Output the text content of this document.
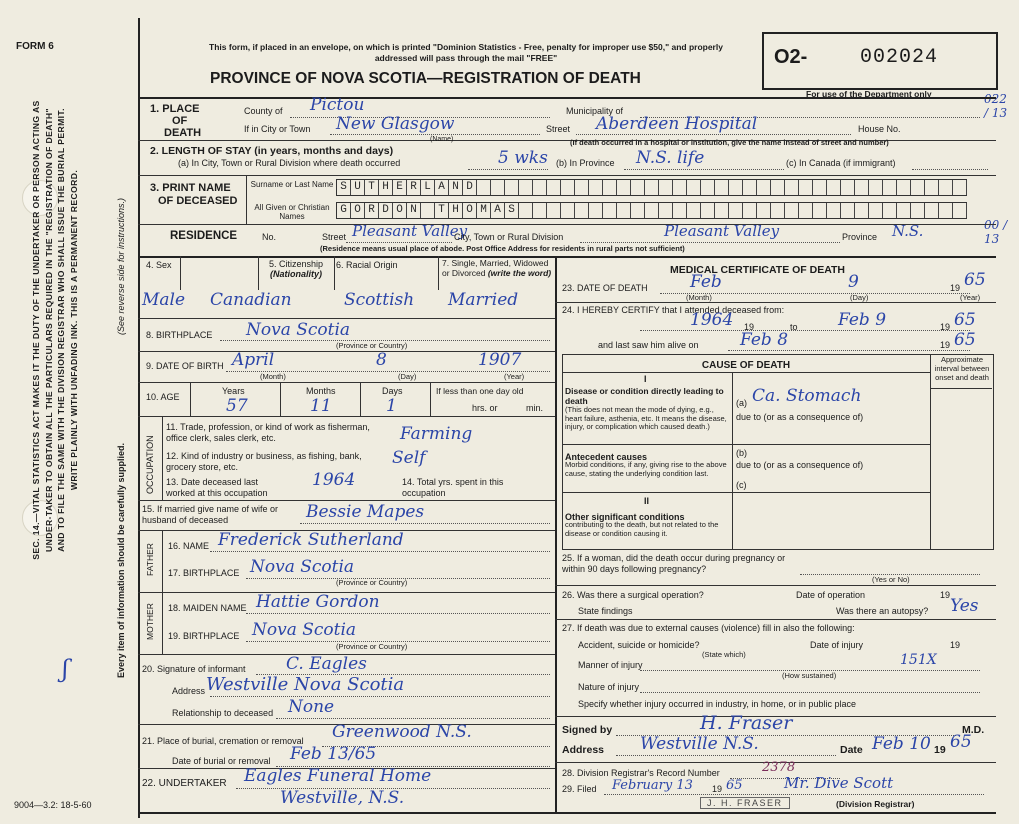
FORM 6	This form, if placed in an envelope, on which is printed "Dominion Statistics - Free, penalty for improper use $50," and properly addressed will pass through the mail "FREE"
PROVINCE OF NOVA SCOTIA—REGISTRATION OF DEATH
O2-	002024
For use of the Department only	022 / 13
00 / 13
SEC. 14.—VITAL STATISTICS ACT MAKES IT THE DUTY OF THE UNDERTAKER OR PERSON ACTING AS UNDER-TAKER TO OBTAIN ALL THE PARTICULARS REQUIRED IN THE "REGISTRATION OF DEATH" AND TO FILE THE SAME WITH THE DIVISION REGISTRAR WHO SHALL ISSUE THE BURIAL PERMIT. WRITE PLAINLY WITH UNFADING INK. THIS IS A PERMANENT RECORD.	(See reverse side for instructions.)
Every item of information should be carefully supplied.
ʃ
1. PLACE
OF
DEATH
County of Pictou	Municipality of
If in City or Town New Glasgow
(Name)
Street Aberdeen Hospital	House No.
(If death occurred in a hospital or institution, give the name instead of street and number)
2. LENGTH OF STAY (in years, months and days)
(a) In City, Town or Rural Division where death occurred	5 wks (b) In Province N.S. life	(c) In Canada (if immigrant)
3. PRINT NAME
OF DECEASED
Surname or Last Name
All Given or Christian Names
S U T H E R L A N D
G O R D O N	T H O M A S
RESIDENCE	No.	Street Pleasant Valley
City, Town or Rural Division	Pleasant Valley	Province N.S.
(Residence means usual place of abode. Post Office Address for residents in rural parts not sufficient)
4. Sex	5. Citizenship
(Nationality)
6. Racial Origin	7. Single, Married, Widowed or Divorced (write the word)
Male Canadian	Scottish Married
8. BIRTHPLACE Nova Scotia
(Province or Country)
9. DATE OF BIRTH April	8	1907
(Month)	(Day)	(Year)
10. AGE
Years	Months	Days	If less than one day old
57	11	1	hrs. or	min.
OCCUPATION
11. Trade, profession, or kind of work as fisherman, office clerk, sales clerk, etc.	Farming
12. Kind of industry or business, as fishing, bank, grocery store, etc.	Self
13. Date deceased last worked at this occupation
1964	14. Total yrs. spent in this occupation
15. If married give name of wife or husband of deceased	Bessie Mapes
FATHER 16. NAME Frederick Sutherland
17. BIRTHPLACE Nova Scotia
(Province or Country)
MOTHER 18. MAIDEN NAME Hattie Gordon
19. BIRTHPLACE Nova Scotia
(Province or Country)
20. Signature of informant C. Eagles
Address Westville Nova Scotia
Relationship to deceased None
21. Place of burial, cremation or removal Greenwood N.S.
Date of burial or removal Feb 13/65
22. UNDERTAKER Eagles Funeral Home
Westville, N.S.
MEDICAL CERTIFICATE OF DEATH
23. DATE OF DEATH Feb	9	19 65
(Month)	(Day)	(Year)
24. I HEREBY CERTIFY that I attended deceased from:
1964 19	to Feb 9	19 65
and last saw him alive on Feb 8	19 65
CAUSE OF DEATH
Approximate interval between onset and death
I
Disease or condition directly leading to death
(This does not mean the mode of dying, e.g., heart failure, asthenia, etc. It means the disease, injury, or complication which caused death.)
(a) Ca. Stomach
due to (or as a consequence of)
(b)
due to (or as a consequence of)
(c)
Antecedent causes
Morbid conditions, if any, giving rise to the above cause, stating the underlying condition last.
II
Other significant conditions
contributing to the death, but not related to the disease or condition causing it.
25. If a woman, did the death occur during pregnancy or within 90 days following pregnancy?
(Yes or No)
26. Was there a surgical operation?	Date of operation	19
State findings	Was there an autopsy? Yes
27. If death was due to external causes (violence) fill in also the following:
Accident, suicide or homicide?	Date of injury	19
(State which)
Manner of injury	151X
(How sustained)
Nature of injury
Specify whether injury occurred in industry, in home, or in public place
Signed by	H. Fraser	M.D.
Address Westville N.S.	Date Feb 10 19 65
28. Division Registrar's Record Number	2378
29. Filed February 13 19 65	Mr. Dive Scott
J. H. FRASER	(Division Registrar)
9004—3.2: 18-5-60
